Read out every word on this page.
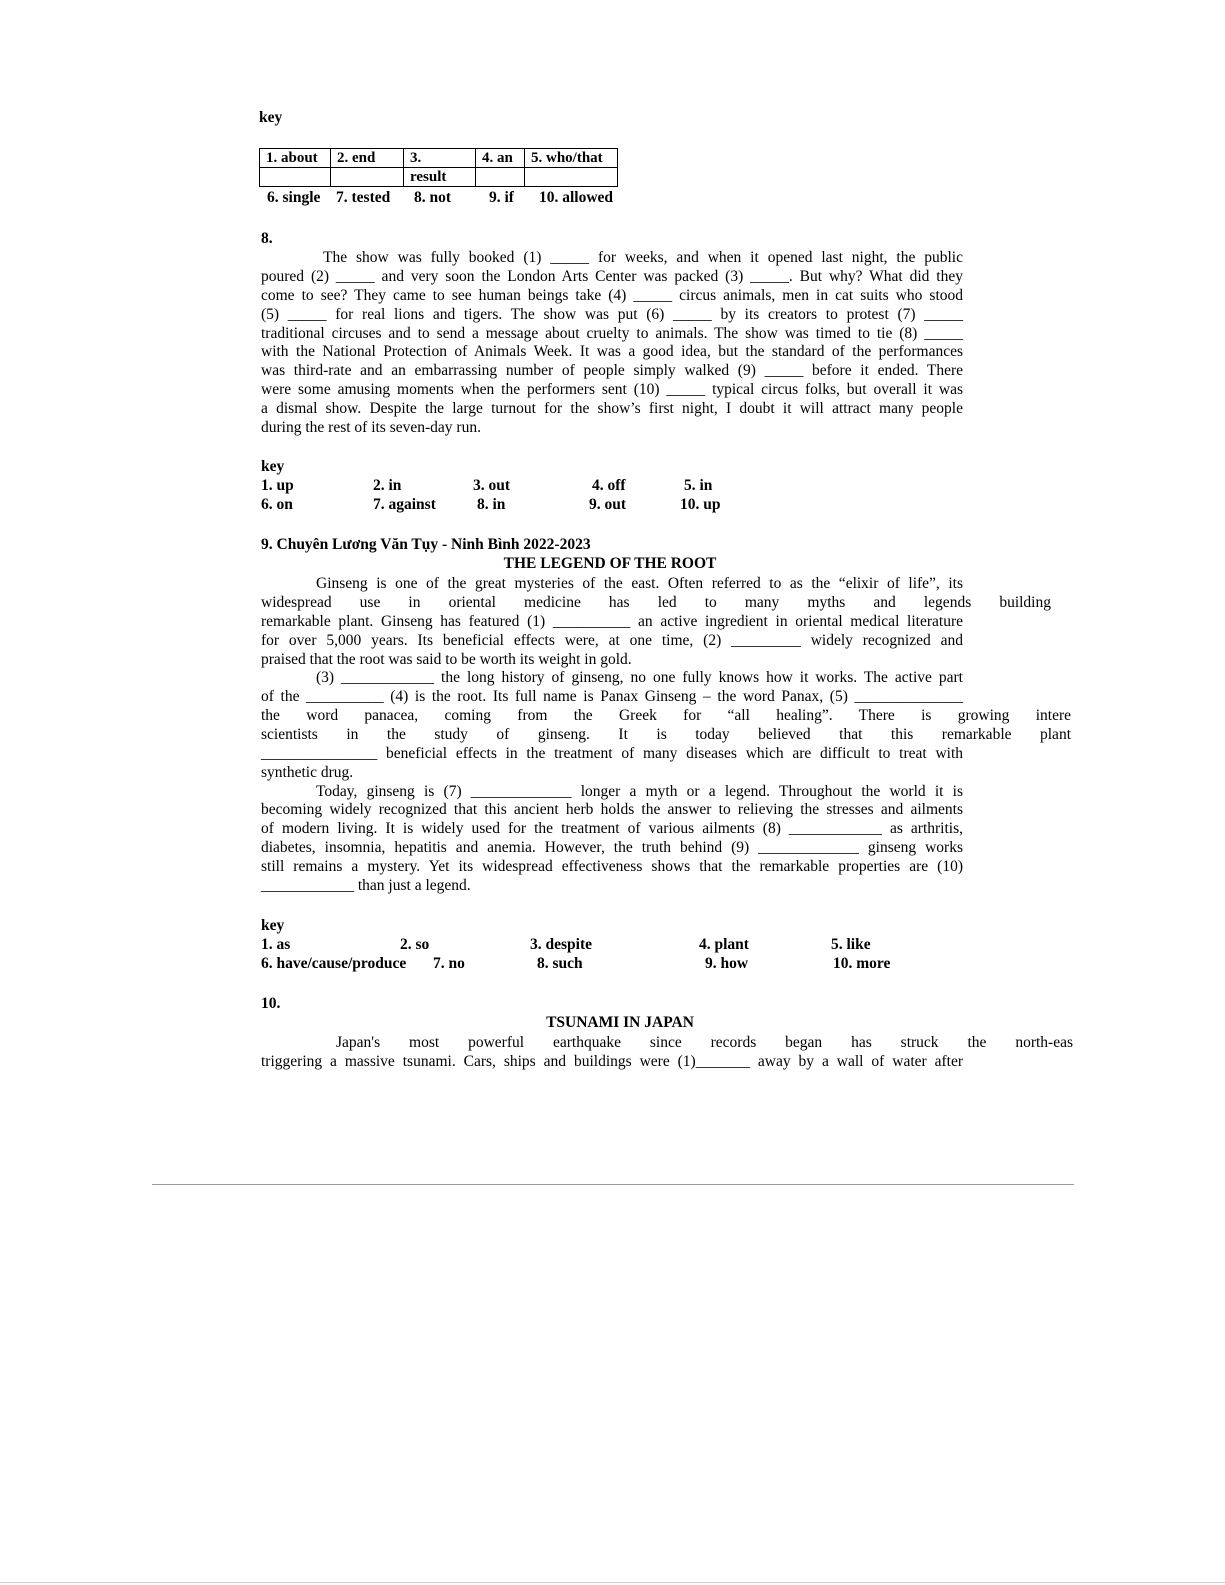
key
1. about	2. end	3.	4. an	5. who/that
		result		
6. single 7. tested 8. not 9. if 10. allowed
8.
The show was fully booked (1) _____ for weeks, and when it opened last night, the public
poured (2) _____ and very soon the London Arts Center was packed (3) _____. But why? What did they
come to see? They came to see human beings take (4) _____ circus animals, men in cat suits who stood
(5) _____ for real lions and tigers. The show was put (6) _____ by its creators to protest (7) _____
traditional circuses and to send a message about cruelty to animals. The show was timed to tie (8) _____
with the National Protection of Animals Week. It was a good idea, but the standard of the performances
was third-rate and an embarrassing number of people simply walked (9) _____ before it ended. There
were some amusing moments when the performers sent (10) _____ typical circus folks, but overall it was
a dismal show. Despite the large turnout for the show’s first night, I doubt it will attract many people
during the rest of its seven-day run.
key
1. up	2. in	3. out	4. off	5. in
6. on	7. against	8. in	9. out	10. up
9. Chuyên Lương Văn Tụy - Ninh Bình 2022-2023
THE LEGEND OF THE ROOT
Ginseng is one of the great mysteries of the east. Often referred to as the “elixir of life”, its
widespread use in oriental medicine has led to many myths and legends building
remarkable plant. Ginseng has featured (1) __________ an active ingredient in oriental medical literature
for over 5,000 years. Its beneficial effects were, at one time, (2) _________ widely recognized and
praised that the root was said to be worth its weight in gold.
(3) ____________ the long history of ginseng, no one fully knows how it works. The active part
of the __________ (4) is the root. Its full name is Panax Ginseng – the word Panax, (5) ______________
the word panacea, coming from the Greek for “all healing”. There is growing intere
scientists in the study of ginseng. It is today believed that this remarkable plant
_______________ beneficial effects in the treatment of many diseases which are difficult to treat with
synthetic drug.
Today, ginseng is (7) _____________ longer a myth or a legend. Throughout the world it is
becoming widely recognized that this ancient herb holds the answer to relieving the stresses and ailments
of modern living. It is widely used for the treatment of various ailments (8) ____________ as arthritis,
diabetes, insomnia, hepatitis and anemia. However, the truth behind (9) _____________ ginseng works
still remains a mystery. Yet its widespread effectiveness shows that the remarkable properties are (10)
____________ than just a legend.
key
1. as	2. so	3. despite	4. plant	5. like
6. have/cause/produce 7. no	8. such	9. how	10. more
10.
TSUNAMI IN JAPAN
Japan's most powerful earthquake since records began has struck the north-eas
triggering a massive tsunami. Cars, ships and buildings were (1)_______ away by a wall of water after
